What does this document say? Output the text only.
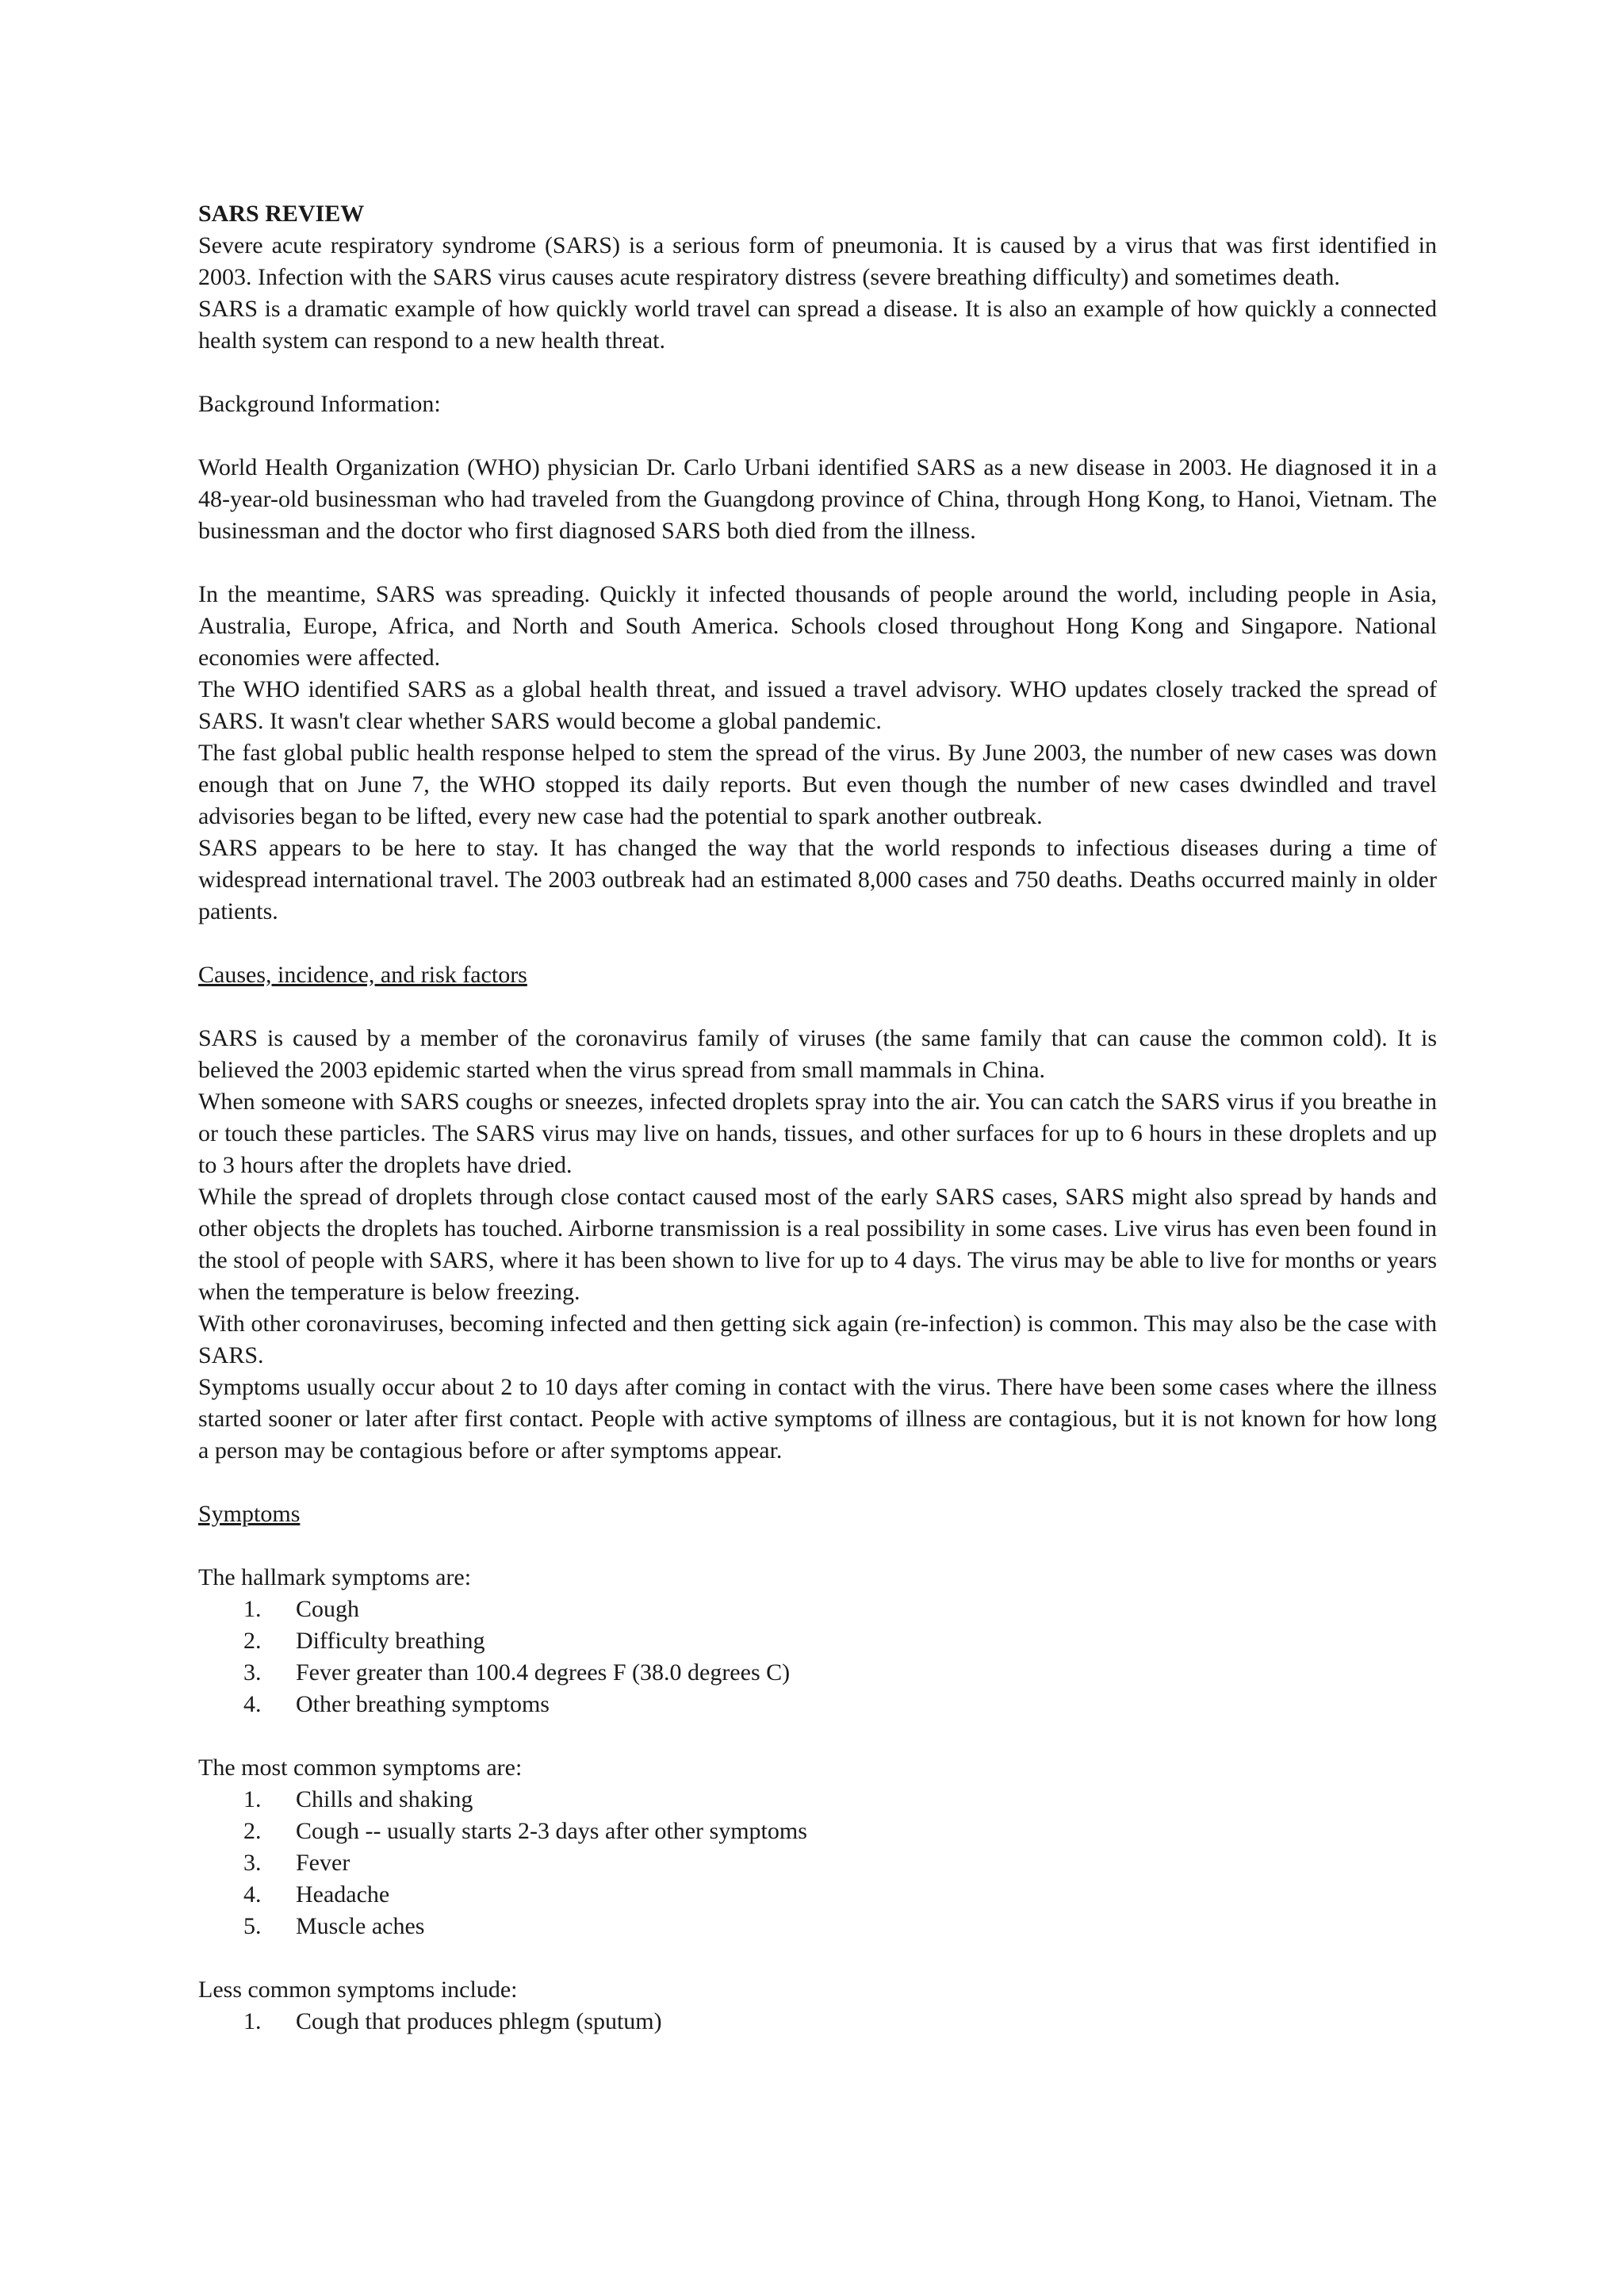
SARS REVIEW

Severe acute respiratory syndrome (SARS) is a serious form of pneumonia. It is caused by a virus that was first identified in 2003. Infection with the SARS virus causes acute respiratory distress (severe breathing difficulty) and sometimes death.

SARS is a dramatic example of how quickly world travel can spread a disease. It is also an example of how quickly a connected health system can respond to a new health threat.

Background Information:

World Health Organization (WHO) physician Dr. Carlo Urbani identified SARS as a new disease in 2003. He diagnosed it in a 48-year-old businessman who had traveled from the Guangdong province of China, through Hong Kong, to Hanoi, Vietnam. The businessman and the doctor who first diagnosed SARS both died from the illness.

In the meantime, SARS was spreading. Quickly it infected thousands of people around the world, including people in Asia, Australia, Europe, Africa, and North and South America. Schools closed throughout Hong Kong and Singapore. National economies were affected.

The WHO identified SARS as a global health threat, and issued a travel advisory. WHO updates closely tracked the spread of SARS. It wasn't clear whether SARS would become a global pandemic.

The fast global public health response helped to stem the spread of the virus. By June 2003, the number of new cases was down enough that on June 7, the WHO stopped its daily reports. But even though the number of new cases dwindled and travel advisories began to be lifted, every new case had the potential to spark another outbreak.

SARS appears to be here to stay. It has changed the way that the world responds to infectious diseases during a time of widespread international travel. The 2003 outbreak had an estimated 8,000 cases and 750 deaths. Deaths occurred mainly in older patients.

Causes, incidence, and risk factors

SARS is caused by a member of the coronavirus family of viruses (the same family that can cause the common cold). It is believed the 2003 epidemic started when the virus spread from small mammals in China.

When someone with SARS coughs or sneezes, infected droplets spray into the air. You can catch the SARS virus if you breathe in or touch these particles. The SARS virus may live on hands, tissues, and other surfaces for up to 6 hours in these droplets and up to 3 hours after the droplets have dried.

While the spread of droplets through close contact caused most of the early SARS cases, SARS might also spread by hands and other objects the droplets has touched. Airborne transmission is a real possibility in some cases. Live virus has even been found in the stool of people with SARS, where it has been shown to live for up to 4 days. The virus may be able to live for months or years when the temperature is below freezing.

With other coronaviruses, becoming infected and then getting sick again (re-infection) is common. This may also be the case with SARS.

Symptoms usually occur about 2 to 10 days after coming in contact with the virus. There have been some cases where the illness started sooner or later after first contact. People with active symptoms of illness are contagious, but it is not known for how long a person may be contagious before or after symptoms appear.

Symptoms

The hallmark symptoms are:

1.	Cough
2.	Difficulty breathing
3.	Fever greater than 100.4 degrees F (38.0 degrees C)
4.	Other breathing symptoms

The most common symptoms are:

1.	Chills and shaking
2.	Cough -- usually starts 2-3 days after other symptoms
3.	Fever
4.	Headache
5.	Muscle aches

Less common symptoms include:

1.	Cough that produces phlegm (sputum)
